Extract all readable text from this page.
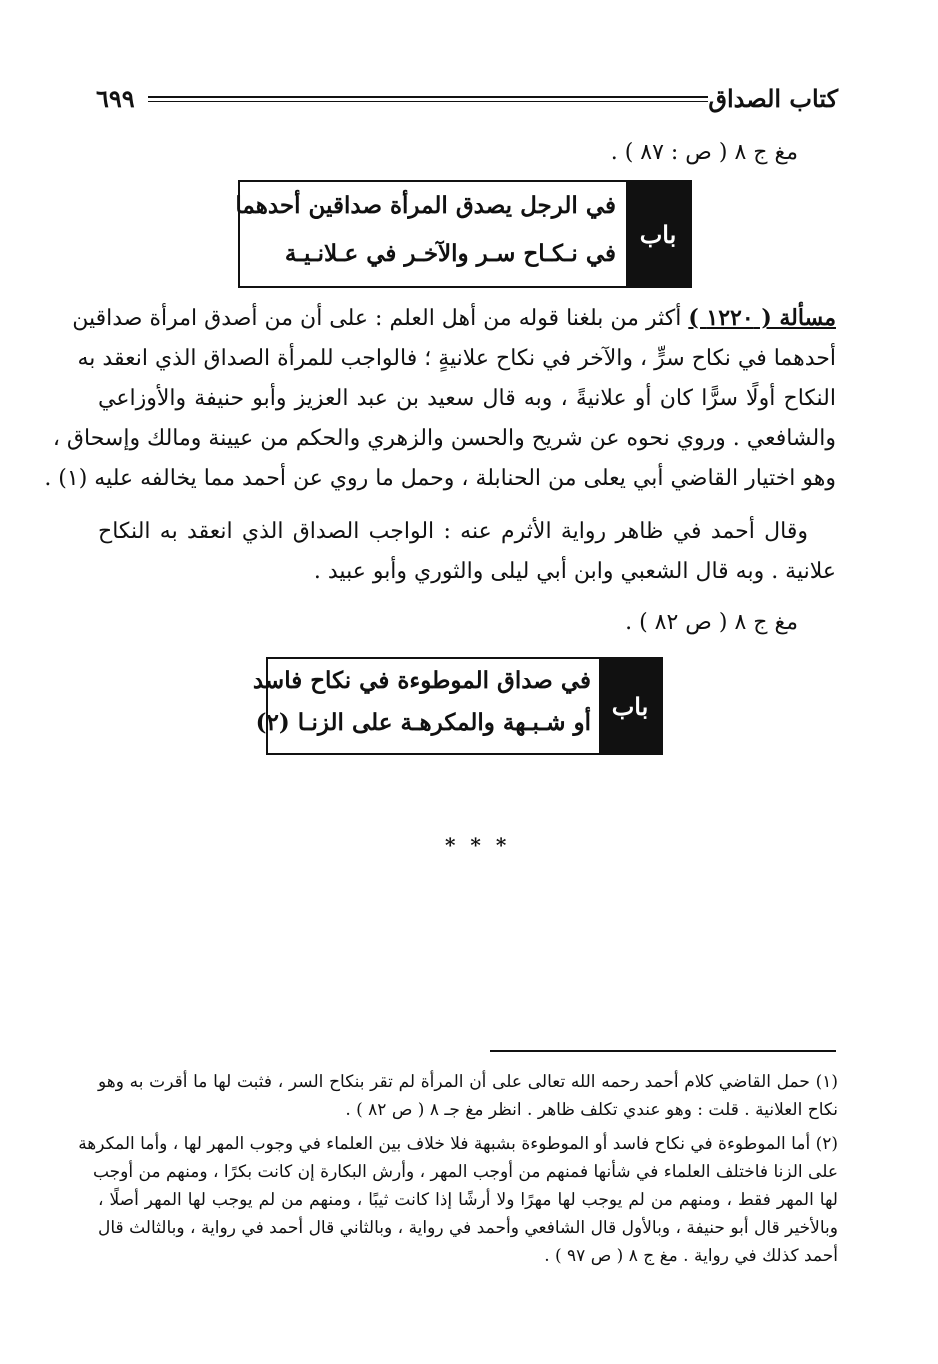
كتاب الصداق
٦٩٩
مغ ج ٨ ( ص : ٨٧ ) .
باب
في الرجل يصدق المرأة صداقين أحدهما
في نـكـاح سـر والآخـر في عـلانـيـة
مسألة ( ١٢٢٠ ) أكثر من بلغنا قوله من أهل العلم : على أن من أصدق امرأة صداقين
أحدهما في نكاح سرٍّ ، والآخر في نكاح علانيةٍ ؛ فالواجب للمرأة الصداق الذي انعقد به
النكاح أولًا سرًّا كان أو علانيةً ، وبه قال سعيد بن عبد العزيز وأبو حنيفة والأوزاعي
والشافعي . وروي نحوه عن شريح والحسن والزهري والحكم من عيينة ومالك وإسحاق ،
وهو اختيار القاضي أبي يعلى من الحنابلة ، وحمل ما روي عن أحمد مما يخالفه عليه (١) .
وقال أحمد في ظاهر رواية الأثرم عنه : الواجب الصداق الذي انعقد به النكاح
علانية . وبه قال الشعبي وابن أبي ليلى والثوري وأبو عبيد .
مغ ج ٨ ( ص ٨٢ ) .
باب
في صداق الموطوءة في نكاح فاسد
أو شـبـهة والمكرهـة على الزنـا (٢)
* * *
(١) حمل القاضي كلام أحمد رحمه الله تعالى على أن المرأة لم تقر بنكاح السر ، فثبت لها ما أقرت به وهو
نكاح العلانية . قلت : وهو عندي تكلف ظاهر . انظر مغ جـ ٨ ( ص ٨٢ ) .
(٢) أما الموطوءة في نكاح فاسد أو الموطوءة بشبهة فلا خلاف بين العلماء في وجوب المهر لها ، وأما المكرهة
على الزنا فاختلف العلماء في شأنها فمنهم من أوجب المهر ، وأرش البكارة إن كانت بكرًا ، ومنهم من أوجب
لها المهر فقط ، ومنهم من لم يوجب لها مهرًا ولا أرشًا إذا كانت ثيبًا ، ومنهم من لم يوجب لها المهر أصلًا ،
وبالأخير قال أبو حنيفة ، وبالأول قال الشافعي وأحمد في رواية ، وبالثاني قال أحمد في رواية ، وبالثالث قال
أحمد كذلك في رواية . مغ ج ٨ ( ص ٩٧ ) .
